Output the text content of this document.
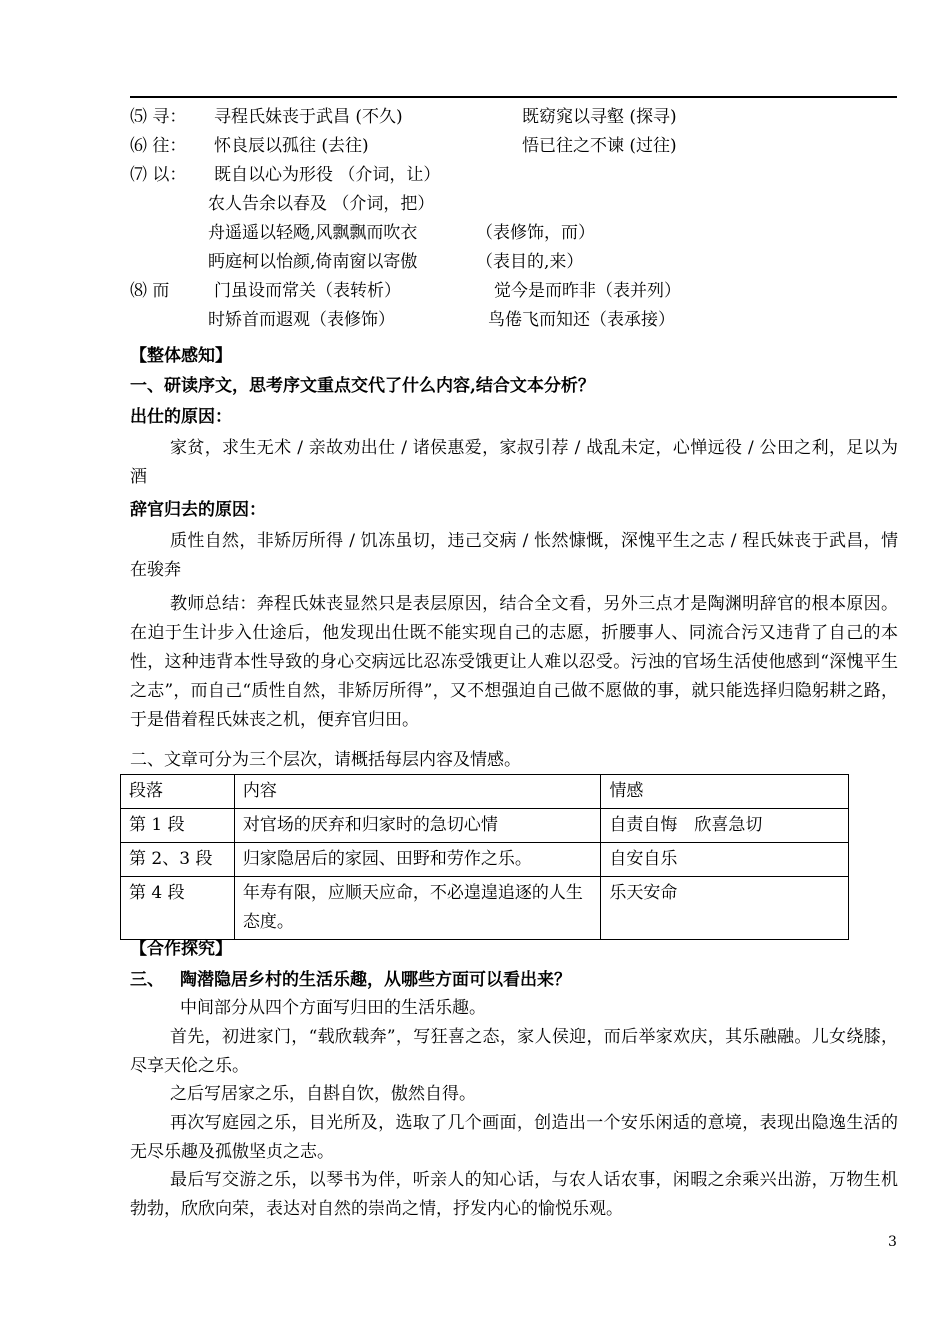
⑸ 寻： 寻程氏妹丧于武昌 (不久)	既窈窕以寻壑 (探寻)
⑹ 往： 怀良辰以孤往 (去往)	悟已往之不谏 (过往)
⑺ 以： 既自以心为形役 （介词，让）
农人告余以春及 （介词，把）
舟遥遥以轻飏,风飘飘而吹衣	（表修饰，而）
眄庭柯以怡颜,倚南窗以寄傲	（表目的,来）
⑻ 而	门虽设而常关（表转析）	觉今是而昨非（表并列）
时矫首而遐观（表修饰）	鸟倦飞而知还（表承接）
【整体感知】
一、研读序文，思考序文重点交代了什么内容,结合文本分析？
出仕的原因：
家贫，求生无术 / 亲故劝出仕 / 诸侯惠爱，家叔引荐 / 战乱未定，心惮远役 / 公田之利，足以为酒
辞官归去的原因：
质性自然，非矫厉所得 / 饥冻虽切，违己交病 / 怅然慷慨，深愧平生之志 / 程氏妹丧于武昌，情在骏奔
教师总结：奔程氏妹丧显然只是表层原因，结合全文看，另外三点才是陶渊明辞官的根本原因。在迫于生计步入仕途后，他发现出仕既不能实现自己的志愿，折腰事人、同流合污又违背了自己的本性，这种违背本性导致的身心交病远比忍冻受饿更让人难以忍受。污浊的官场生活使他感到“深愧平生之志”，而自己“质性自然，非矫厉所得”，又不想强迫自己做不愿做的事，就只能选择归隐躬耕之路，于是借着程氏妹丧之机，便弃官归田。
二、文章可分为三个层次，请概括每层内容及情感。
段落	内容	情感
第 1 段	对官场的厌弃和归家时的急切心情	自责自悔　欣喜急切
第 2、3 段	归家隐居后的家园、田野和劳作之乐。	自安自乐
第 4 段	年寿有限，应顺天应命，不必遑遑追逐的人生态度。	乐天安命
【合作探究】
三、 陶潜隐居乡村的生活乐趣，从哪些方面可以看出来？
中间部分从四个方面写归田的生活乐趣。
首先，初进家门，“载欣载奔”，写狂喜之态，家人侯迎，而后举家欢庆，其乐融融。儿女绕膝，尽享天伦之乐。
之后写居家之乐，自斟自饮，傲然自得。
再次写庭园之乐，目光所及，选取了几个画面，创造出一个安乐闲适的意境，表现出隐逸生活的无尽乐趣及孤傲坚贞之志。
最后写交游之乐，以琴书为伴，听亲人的知心话，与农人话农事，闲暇之余乘兴出游，万物生机勃勃，欣欣向荣，表达对自然的崇尚之情，抒发内心的愉悦乐观。
3
